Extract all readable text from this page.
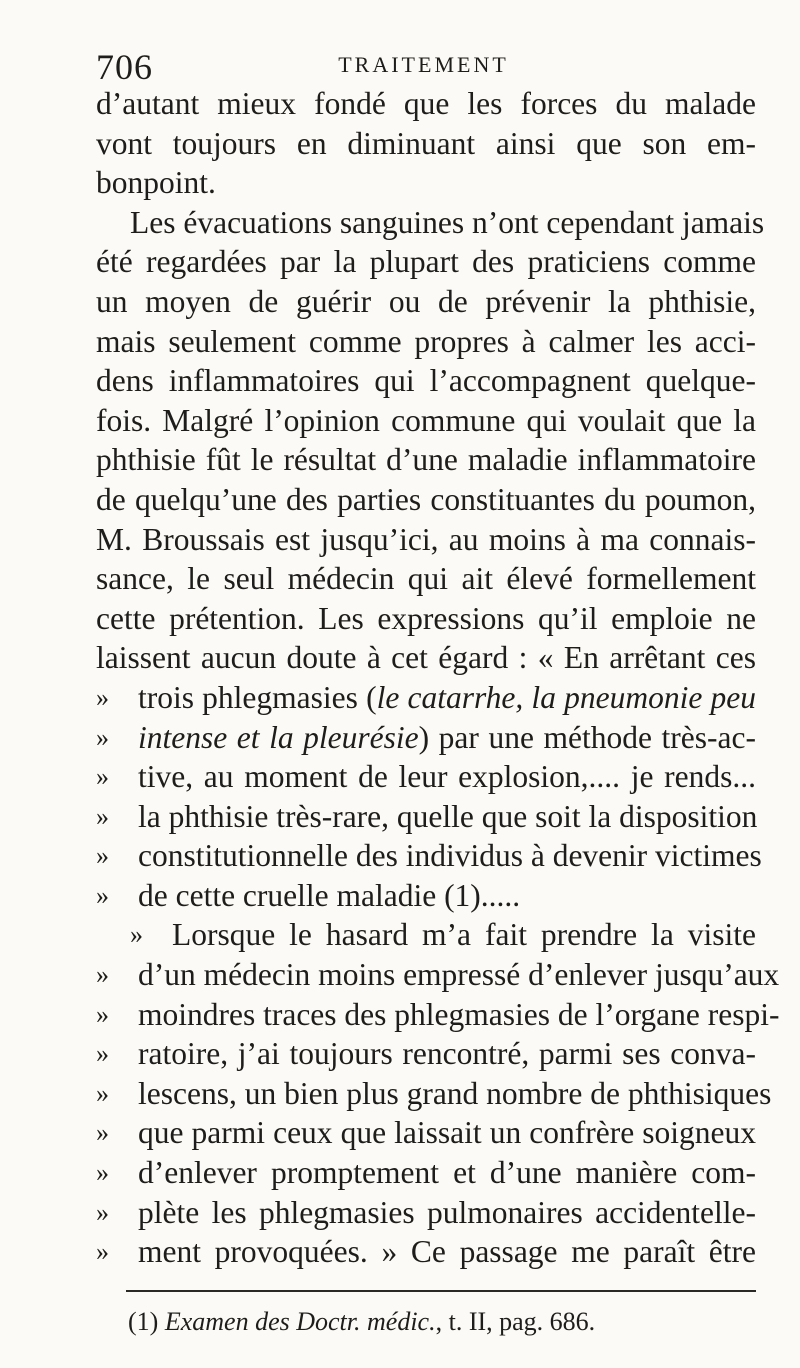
706	TRAITEMENT
d’autant mieux fondé que les forces du malade
vont toujours en diminuant ainsi que son em-
bonpoint.
Les évacuations sanguines n’ont cependant jamais
été regardées par la plupart des praticiens comme
un moyen de guérir ou de prévenir la phthisie,
mais seulement comme propres à calmer les acci-
dens inflammatoires qui l’accompagnent quelque-
fois. Malgré l’opinion commune qui voulait que la
phthisie fût le résultat d’une maladie inflammatoire
de quelqu’une des parties constituantes du poumon,
M. Broussais est jusqu’ici, au moins à ma connais-
sance, le seul médecin qui ait élevé formellement
cette prétention. Les expressions qu’il emploie ne
laissent aucun doute à cet égard : « En arrêtant ces
» trois phlegmasies (le catarrhe, la pneumonie peu
» intense et la pleurésie) par une méthode très-ac-
» tive, au moment de leur explosion,.... je rends...
» la phthisie très-rare, quelle que soit la disposition
» constitutionnelle des individus à devenir victimes
» de cette cruelle maladie (1).....
» Lorsque le hasard m’a fait prendre la visite
» d’un médecin moins empressé d’enlever jusqu’aux
» moindres traces des phlegmasies de l’organe respi-
» ratoire, j’ai toujours rencontré, parmi ses conva-
» lescens, un bien plus grand nombre de phthisiques
» que parmi ceux que laissait un confrère soigneux
» d’enlever promptement et d’une manière com-
» plète les phlegmasies pulmonaires accidentelle-
» ment provoquées. » Ce passage me paraît être
(1) Examen des Doctr. médic., t. II, pag. 686.
